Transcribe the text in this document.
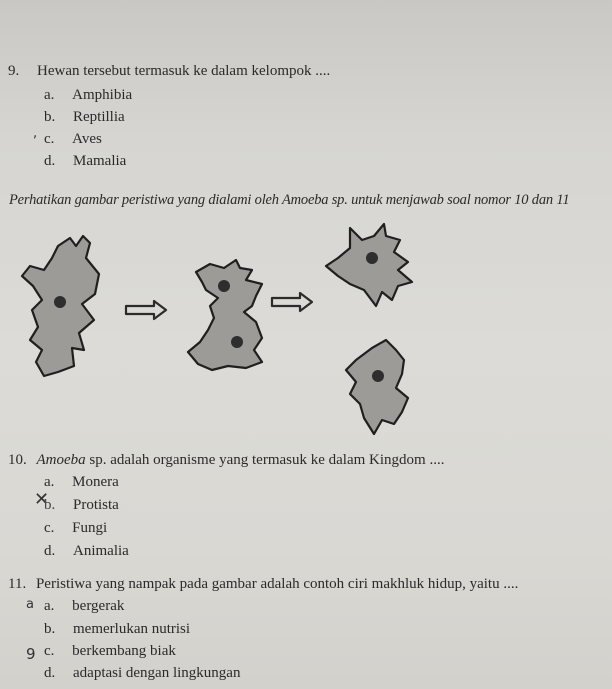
9. Hewan tersebut termasuk ke dalam kelompok ....
a. Amphibia
b. Reptillia
, c. Aves
d. Mamalia
Perhatikan gambar peristiwa yang dialami oleh Amoeba sp. untuk menjawab soal nomor 10 dan 11
10. Amoeba sp. adalah organisme yang termasuk ke dalam Kingdom ....
a. Monera
✕
b. Protista
c. Fungi
d. Animalia
11. Peristiwa yang nampak pada gambar adalah contoh ciri makhluk hidup, yaitu ....
a a. bergerak
b. memerlukan nutrisi
9 c. berkembang biak
d. adaptasi dengan lingkungan
